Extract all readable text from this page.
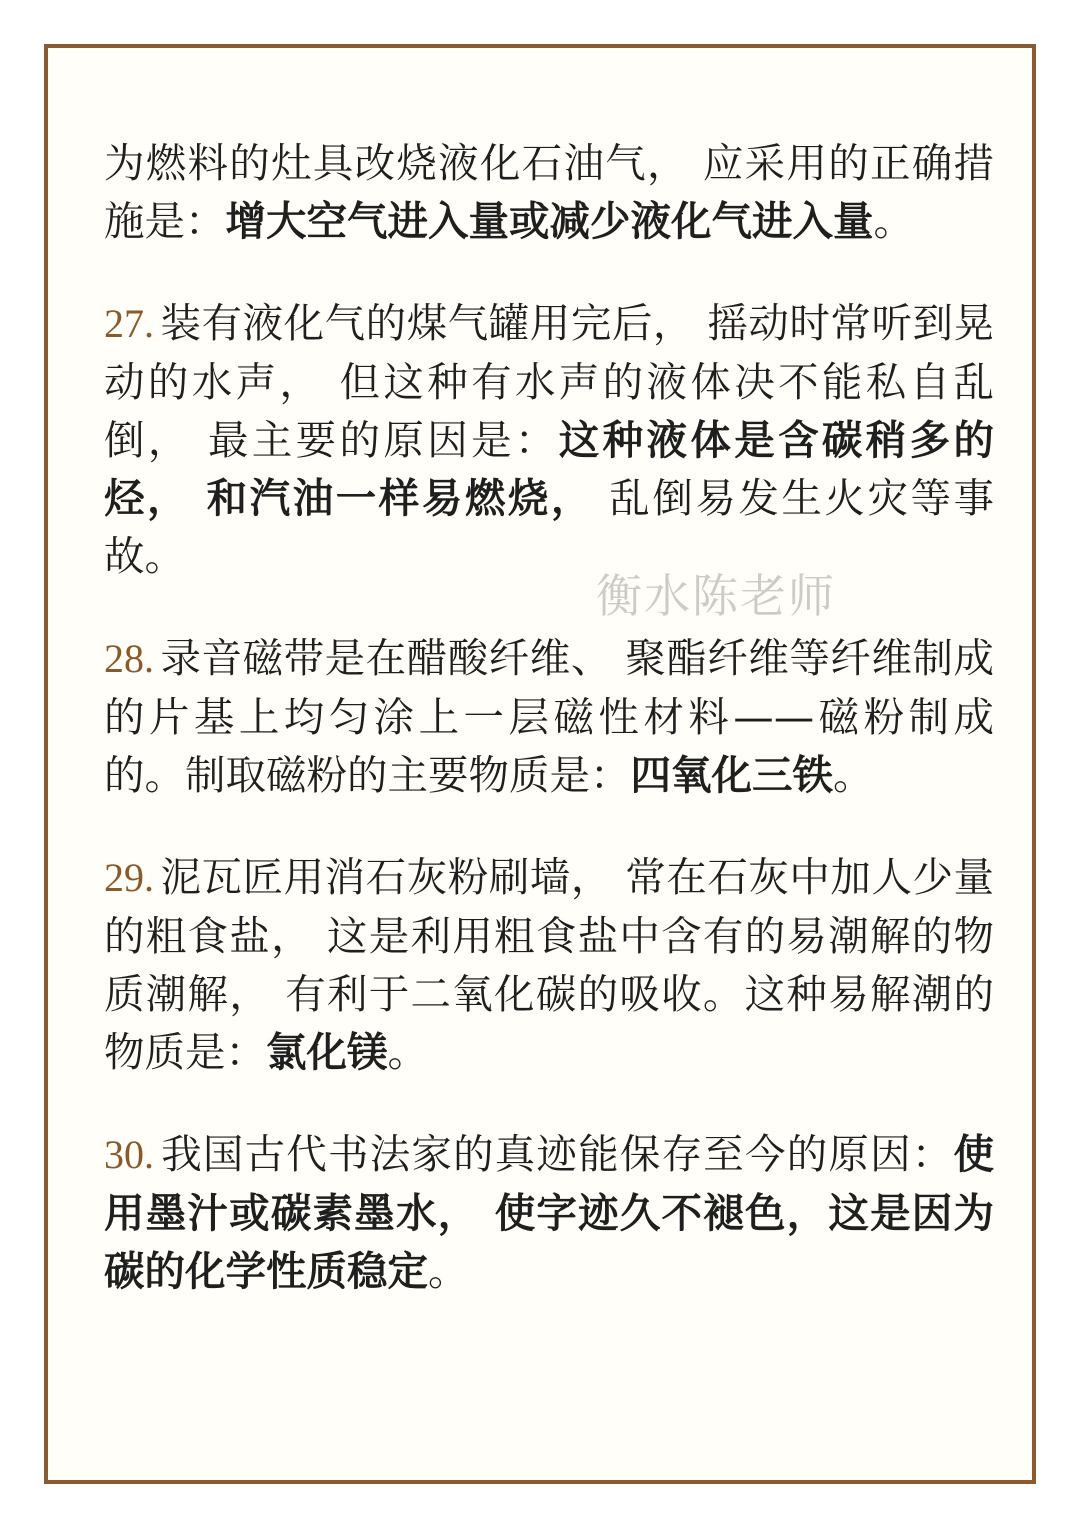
为燃料的灶具改烧液化石油气， 应采用的正确措施是：增大空气进入量或减少液化气进入量。

27. 装有液化气的煤气罐用完后， 摇动时常听到晃动的水声， 但这种有水声的液体决不能私自乱倒， 最主要的原因是：这种液体是含碳稍多的烃， 和汽油一样易燃烧， 乱倒易发生火灾等事故。

28. 录音磁带是在醋酸纤维、 聚酯纤维等纤维制成的片基上均匀涂上一层磁性材料——磁粉制成的。制取磁粉的主要物质是：四氧化三铁。

29. 泥瓦匠用消石灰粉刷墙， 常在石灰中加人少量的粗食盐， 这是利用粗食盐中含有的易潮解的物质潮解， 有利于二氧化碳的吸收。这种易解潮的物质是：氯化镁。

30. 我国古代书法家的真迹能保存至今的原因：使用墨汁或碳素墨水， 使字迹久不褪色，这是因为碳的化学性质稳定。

衡水陈老师
